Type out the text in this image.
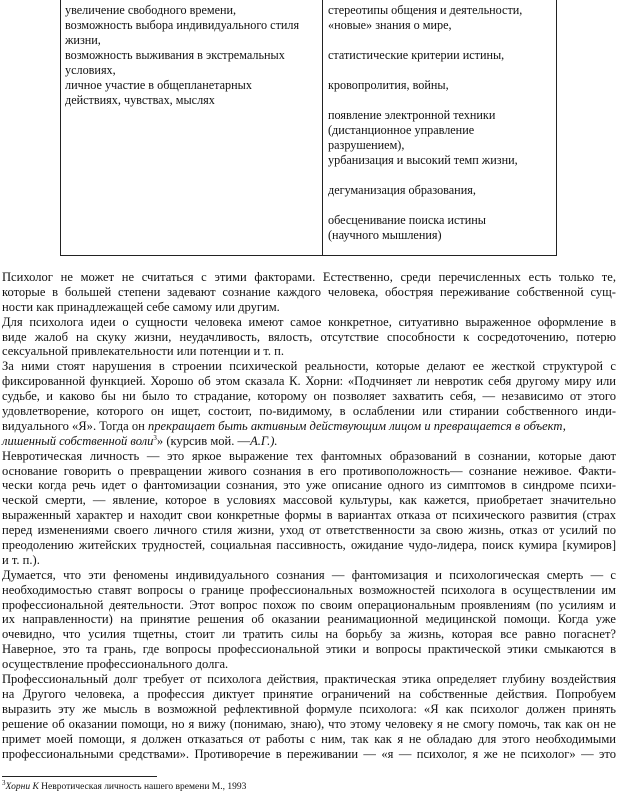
увеличение свободного времени,
возможность выбора индивидуального стиля
жизни,
возможность выживания в экстремальных
условиях,
личное участие в общепланетарных
действиях, чувствах, мыслях
стереотипы общения и деятельности,
«новые» знания о мире,
статистические критерии истины,
кровопролития, войны,
появление электронной техники
(дистанционное управление
разрушением),
урбанизация и высокий темп жизни,
дегуманизация образования,
обесценивание поиска истины
(научного мышления)
Психолог не может не считаться с этими факторами. Естественно, среди перечисленных есть только те,
которые в большей степени задевают сознание каждого человека, обостряя переживание собственной сущ-
ности как принадлежащей себе самому или другим.
Для психолога идеи о сущности человека имеют самое конкретное, ситуативно выраженное оформление в
виде жалоб на скуку жизни, неудачливость, вялость, отсутствие способности к сосредоточению, потерю
сексуальной привлекательности или потенции и т. п.
За ними стоят нарушения в строении психической реальности, которые делают ее жесткой структурой с
фиксированной функцией. Хорошо об этом сказала К. Хорни: «Подчиняет ли невротик себя другому миру или
судьбе, и каково бы ни было то страдание, которому он позволяет захватить себя, — независимо от этого
удовлетворение, которого он ищет, состоит, по-видимому, в ослаблении или стирании собственного инди-
видуального «Я». Тогда он прекращает быть активным действующим лицом и превращается в объект,
лишенный собственной воли$^3$» (курсив мой. —А.Г.).
Невротическая личность — это яркое выражение тех фантомных образований в сознании, которые дают
основание говорить о превращении живого сознания в его противоположность— сознание неживое. Факти-
чески когда речь идет о фантомизации сознания, это уже описание одного из симптомов в синдроме психи-
ческой смерти, — явление, которое в условиях массовой культуры, как кажется, приобретает значительно
выраженный характер и находит свои конкретные формы в вариантах отказа от психического развития (страх
перед изменениями своего личного стиля жизни, уход от ответственности за свою жизнь, отказ от усилий по
преодолению житейских трудностей, социальная пассивность, ожидание чудо-лидера, поиск кумира [кумиров]
и т. п.).
Думается, что эти феномены индивидуального сознания — фантомизация и психологическая смерть — с
необходимостью ставят вопросы о границе профессиональных возможностей психолога в осуществлении им
профессиональной деятельности. Этот вопрос похож по своим операциональным проявлениям (по усилиям и
их направленности) на принятие решения об оказании реанимационной медицинской помощи. Когда уже
очевидно, что усилия тщетны, стоит ли тратить силы на борьбу за жизнь, которая все равно погаснет?
Наверное, это та грань, где вопросы профессиональной этики и вопросы практической этики смыкаются в
осуществление профессионального долга.
Профессиональный долг требует от психолога действия, практическая этика определяет глубину воздействия
на Другого человека, а профессия диктует принятие ограничений на собственные действия. Попробуем
выразить эту же мысль в возможной рефлективной формуле психолога: «Я как психолог должен принять
решение об оказании помощи, но я вижу (понимаю, знаю), что этому человеку я не смогу помочь, так как он не
примет моей помощи, я должен отказаться от работы с ним, так как я не обладаю для этого необходимыми
профессиональными средствами». Противоречие в переживании — «я — психолог, я же не психолог» — это
$^3$Хорни К Невротическая личность нашего времени М., 1993
